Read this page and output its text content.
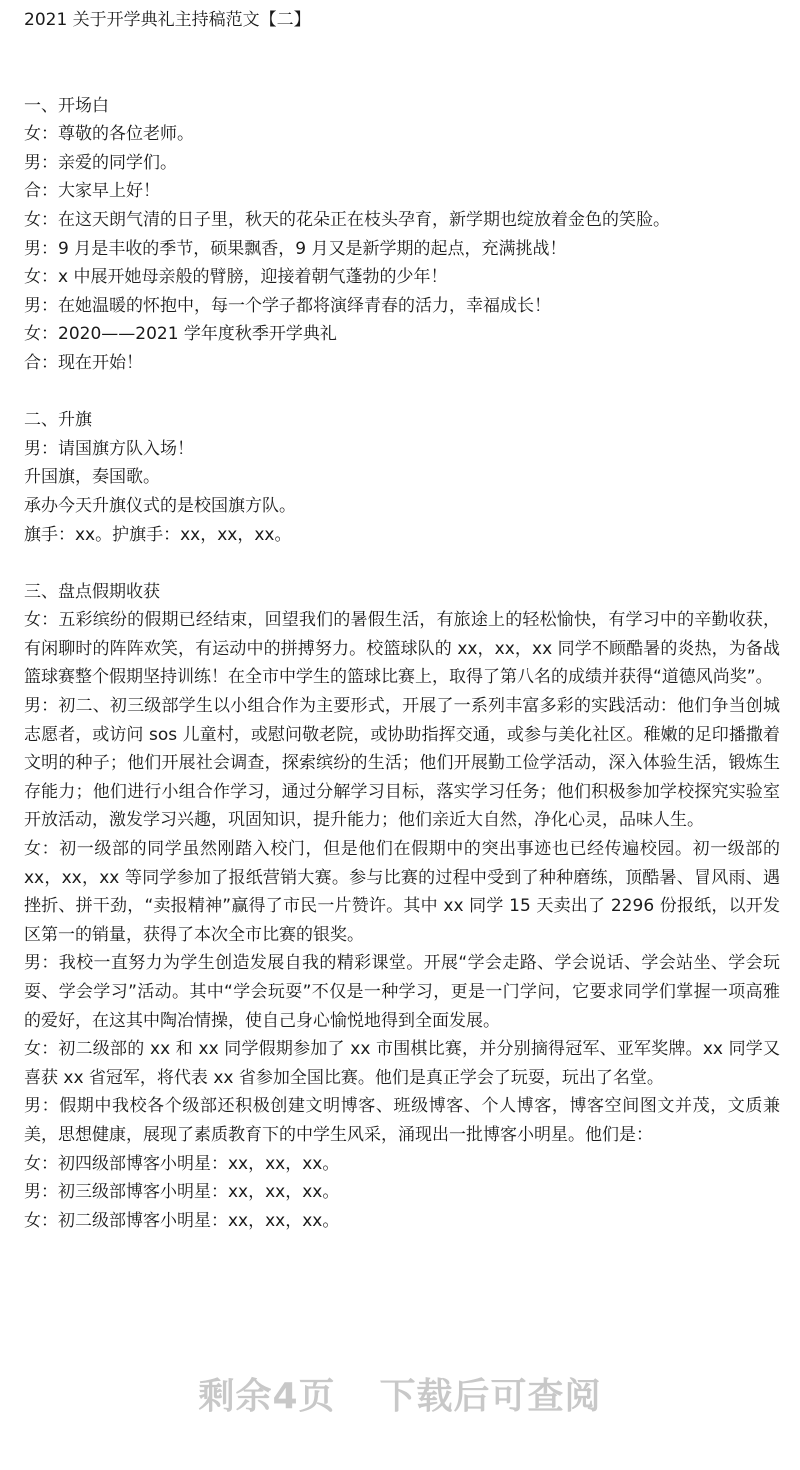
2021 关于开学典礼主持稿范文【二】

一、开场白

女：尊敬的各位老师。

男：亲爱的同学们。

合：大家早上好！

女：在这天朗气清的日子里，秋天的花朵正在枝头孕育，新学期也绽放着金色的笑脸。

男：9 月是丰收的季节，硕果飘香，9 月又是新学期的起点，充满挑战！

女：x 中展开她母亲般的臂膀，迎接着朝气蓬勃的少年！

男：在她温暖的怀抱中，每一个学子都将演绎青春的活力，幸福成长！

女：2020——2021 学年度秋季开学典礼

合：现在开始！

二、升旗

男：请国旗方队入场！

升国旗，奏国歌。

承办今天升旗仪式的是校国旗方队。

旗手：xx。护旗手：xx，xx，xx。

三、盘点假期收获

女：五彩缤纷的假期已经结束，回望我们的暑假生活，有旅途上的轻松愉快，有学习中的辛勤收获，有闲聊时的阵阵欢笑，有运动中的拼搏努力。校篮球队的 xx，xx，xx 同学不顾酷暑的炎热，为备战篮球赛整个假期坚持训练！在全市中学生的篮球比赛上，取得了第八名的成绩并获得“道德风尚奖”。

男：初二、初三级部学生以小组合作为主要形式，开展了一系列丰富多彩的实践活动：他们争当创城志愿者，或访问 sos 儿童村，或慰问敬老院，或协助指挥交通，或参与美化社区。稚嫩的足印播撒着文明的种子；他们开展社会调查，探索缤纷的生活；他们开展勤工俭学活动，深入体验生活，锻炼生存能力；他们进行小组合作学习，通过分解学习目标，落实学习任务；他们积极参加学校探究实验室开放活动，激发学习兴趣，巩固知识，提升能力；他们亲近大自然，净化心灵，品味人生。

女：初一级部的同学虽然刚踏入校门，但是他们在假期中的突出事迹也已经传遍校园。初一级部的 xx，xx，xx 等同学参加了报纸营销大赛。参与比赛的过程中受到了种种磨练，顶酷暑、冒风雨、遇挫折、拼干劲，“卖报精神”赢得了市民一片赞许。其中 xx 同学 15 天卖出了 2296 份报纸，以开发区第一的销量，获得了本次全市比赛的银奖。

男：我校一直努力为学生创造发展自我的精彩课堂。开展“学会走路、学会说话、学会站坐、学会玩耍、学会学习”活动。其中“学会玩耍”不仅是一种学习，更是一门学问，它要求同学们掌握一项高雅的爱好，在这其中陶冶情操，使自己身心愉悦地得到全面发展。

女：初二级部的 xx 和 xx 同学假期参加了 xx 市围棋比赛，并分别摘得冠军、亚军奖牌。xx 同学又喜获 xx 省冠军，将代表 xx 省参加全国比赛。他们是真正学会了玩耍，玩出了名堂。

男：假期中我校各个级部还积极创建文明博客、班级博客、个人博客，博客空间图文并茂，文质兼美，思想健康，展现了素质教育下的中学生风采，涌现出一批博客小明星。他们是：

女：初四级部博客小明星：xx，xx，xx。

男：初三级部博客小明星：xx，xx，xx。

女：初二级部博客小明星：xx，xx，xx。

剩余4页 下载后可查阅
